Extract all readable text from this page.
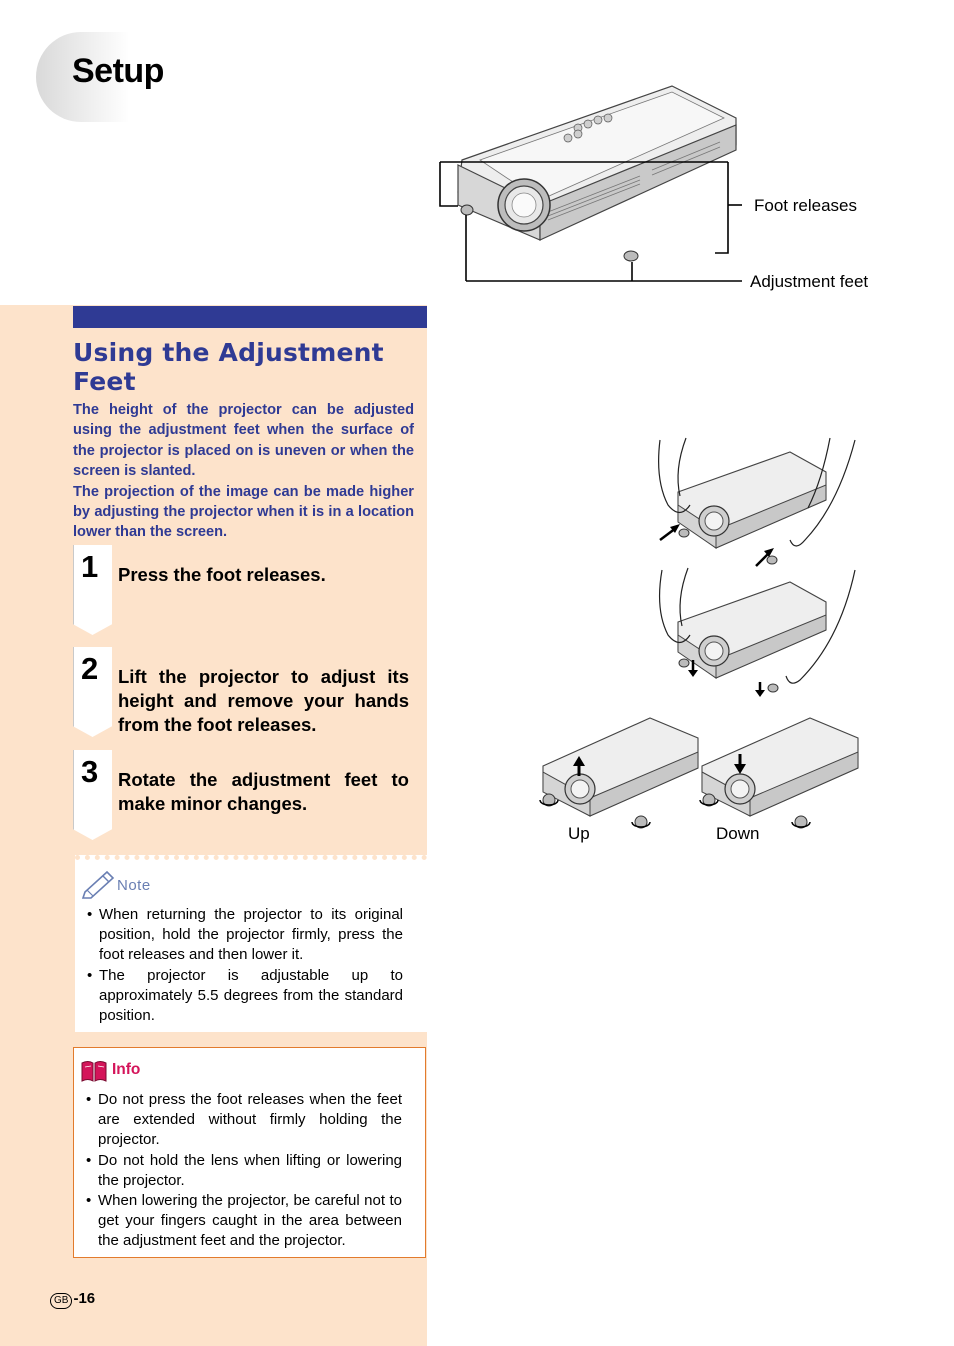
Setup
Foot releases
Adjustment feet
Using the Adjustment Feet

The height of the projector can be adjusted using the adjustment feet when the surface of the projector is placed on is uneven or when the screen is slanted.

The projection of the image can be made higher by adjusting the projector when it is in a location lower than the screen.

1 Press the foot releases.

2 Lift the projector to adjust its height and remove your hands from the foot releases.

3 Rotate the adjustment feet to make minor changes.

Note
• When returning the projector to its original position, hold the projector firmly, press the foot releases and then lower it.
• The projector is adjustable up to approximately 5.5 degrees from the standard position.
Info
• Do not press the foot releases when the feet are extended without firmly holding the projector.
• Do not hold the lens when lifting or lowering the projector.
• When lowering the projector, be careful not to get your fingers caught in the area between the adjustment feet and the projector.
GB -16
Up	Down
